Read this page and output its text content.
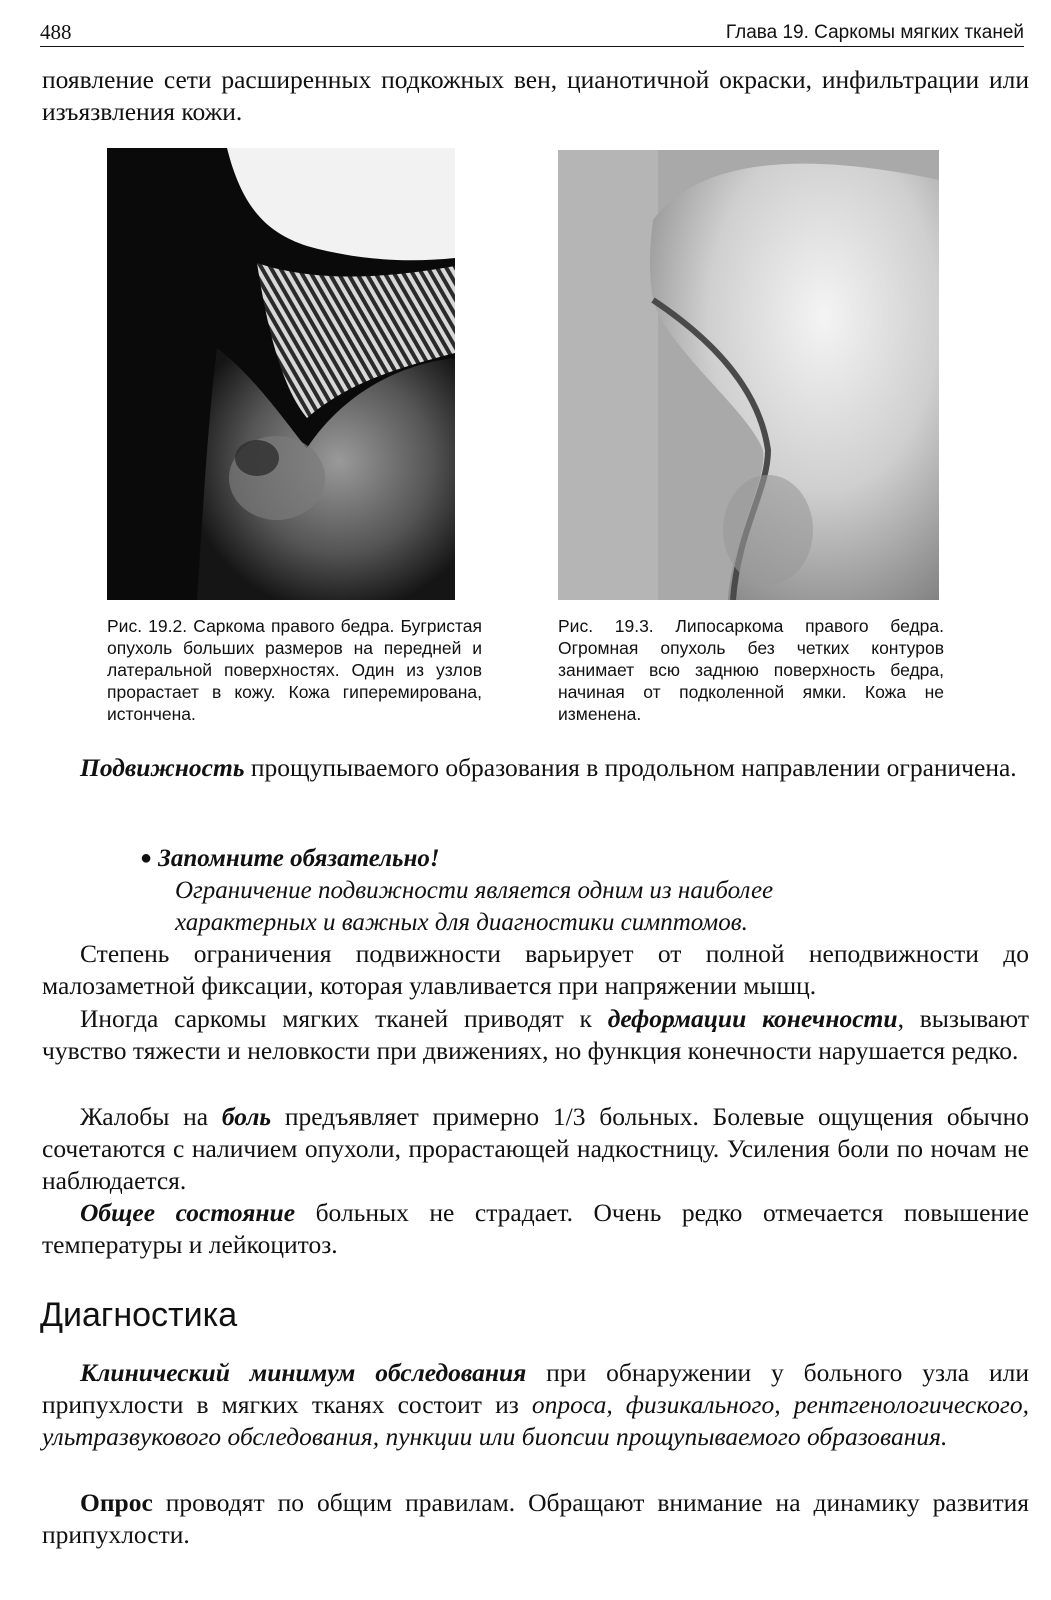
488	Глава 19. Саркомы мягких тканей

появление сети расширенных подкожных вен, цианотичной окраски, инфильтрации или изъязвления кожи.

Рис. 19.2. Саркома правого бедра. Бугристая опухоль больших размеров на передней и латеральной поверхностях. Один из узлов прорастает в кожу. Кожа гиперемирована, истончена.

Рис. 19.3. Липосаркома правого бедра. Огромная опухоль без четких контуров занимает всю заднюю поверхность бедра, начиная от подколенной ямки. Кожа не изменена.

Подвижность прощупываемого образования в продольном направлении ограничена.

● Запомните обязательно!
Ограничение подвижности является одним из наиболее характерных и важных для диагностики симптомов.

Степень ограничения подвижности варьирует от полной неподвижности до малозаметной фиксации, которая улавливается при напряжении мышц.

Иногда саркомы мягких тканей приводят к деформации конечности, вызывают чувство тяжести и неловкости при движениях, но функция конечности нарушается редко.

Жалобы на боль предъявляет примерно 1/3 больных. Болевые ощущения обычно сочетаются с наличием опухоли, прорастающей надкостницу. Усиления боли по ночам не наблюдается.

Общее состояние больных не страдает. Очень редко отмечается повышение температуры и лейкоцитоз.

Диагностика

Клинический минимум обследования при обнаружении у больного узла или припухлости в мягких тканях состоит из опроса, физикального, рентгенологического, ультразвукового обследования, пункции или биопсии прощупываемого образования.

Опрос проводят по общим правилам. Обращают внимание на динамику развития припухлости.
